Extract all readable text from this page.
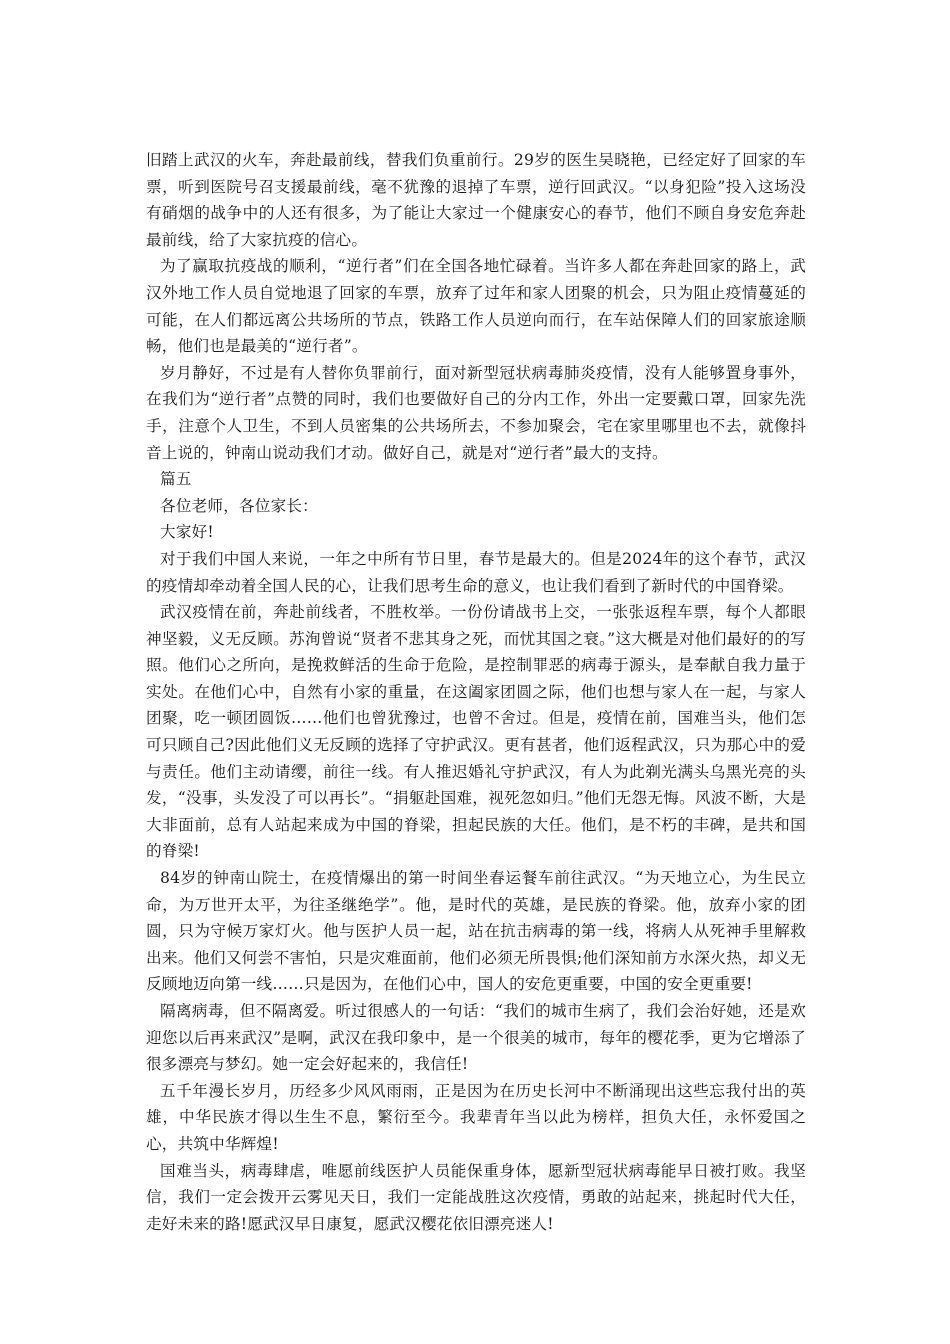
旧踏上武汉的火车，奔赴最前线，替我们负重前行。29岁的医生吴晓艳，已经定好了回家的车票，听到医院号召支援最前线，毫不犹豫的退掉了车票，逆行回武汉。“以身犯险”投入这场没有硝烟的战争中的人还有很多，为了能让大家过一个健康安心的春节，他们不顾自身安危奔赴最前线，给了大家抗疫的信心。

为了赢取抗疫战的顺利，“逆行者”们在全国各地忙碌着。当许多人都在奔赴回家的路上，武汉外地工作人员自觉地退了回家的车票，放弃了过年和家人团聚的机会，只为阻止疫情蔓延的可能，在人们都远离公共场所的节点，铁路工作人员逆向而行，在车站保障人们的回家旅途顺畅，他们也是最美的“逆行者”。

岁月静好，不过是有人替你负罪前行，面对新型冠状病毒肺炎疫情，没有人能够置身事外，在我们为“逆行者”点赞的同时，我们也要做好自己的分内工作，外出一定要戴口罩，回家先洗手，注意个人卫生，不到人员密集的公共场所去，不参加聚会，宅在家里哪里也不去，就像抖音上说的，钟南山说动我们才动。做好自己，就是对“逆行者”最大的支持。

篇五

各位老师，各位家长：

大家好!

对于我们中国人来说，一年之中所有节日里，春节是最大的。但是2024年的这个春节，武汉的疫情却牵动着全国人民的心，让我们思考生命的意义，也让我们看到了新时代的中国脊梁。

武汉疫情在前，奔赴前线者，不胜枚举。一份份请战书上交，一张张返程车票，每个人都眼神坚毅，义无反顾。苏洵曾说“贤者不悲其身之死，而忧其国之衰。”这大概是对他们最好的的写照。他们心之所向，是挽救鲜活的生命于危险，是控制罪恶的病毒于源头，是奉献自我力量于实处。在他们心中，自然有小家的重量，在这阖家团圆之际，他们也想与家人在一起，与家人团聚，吃一顿团圆饭……他们也曾犹豫过，也曾不舍过。但是，疫情在前，国难当头，他们怎可只顾自己?因此他们义无反顾的选择了守护武汉。更有甚者，他们返程武汉，只为那心中的爱与责任。他们主动请缨，前往一线。有人推迟婚礼守护武汉，有人为此剃光满头乌黑光亮的头发，“没事，头发没了可以再长”。“捐躯赴国难，视死忽如归。”他们无怨无悔。风波不断，大是大非面前，总有人站起来成为中国的脊梁，担起民族的大任。他们，是不朽的丰碑，是共和国的脊梁!

84岁的钟南山院士，在疫情爆出的第一时间坐春运餐车前往武汉。“为天地立心，为生民立命，为万世开太平，为往圣继绝学”。他，是时代的英雄，是民族的脊梁。他，放弃小家的团圆，只为守候万家灯火。他与医护人员一起，站在抗击病毒的第一线，将病人从死神手里解救出来。他们又何尝不害怕，只是灾难面前，他们必须无所畏惧;他们深知前方水深火热，却义无反顾地迈向第一线……只是因为，在他们心中，国人的安危更重要，中国的安全更重要!

隔离病毒，但不隔离爱。听过很感人的一句话：“我们的城市生病了，我们会治好她，还是欢迎您以后再来武汉”是啊，武汉在我印象中，是一个很美的城市，每年的樱花季，更为它增添了很多漂亮与梦幻。她一定会好起来的，我信任!

五千年漫长岁月，历经多少风风雨雨，正是因为在历史长河中不断涌现出这些忘我付出的英雄，中华民族才得以生生不息，繁衍至今。我辈青年当以此为榜样，担负大任，永怀爱国之心，共筑中华辉煌!

国难当头，病毒肆虐，唯愿前线医护人员能保重身体，愿新型冠状病毒能早日被打败。我坚信，我们一定会拨开云雾见天日，我们一定能战胜这次疫情，勇敢的站起来，挑起时代大任，走好未来的路!愿武汉早日康复，愿武汉樱花依旧漂亮迷人!
